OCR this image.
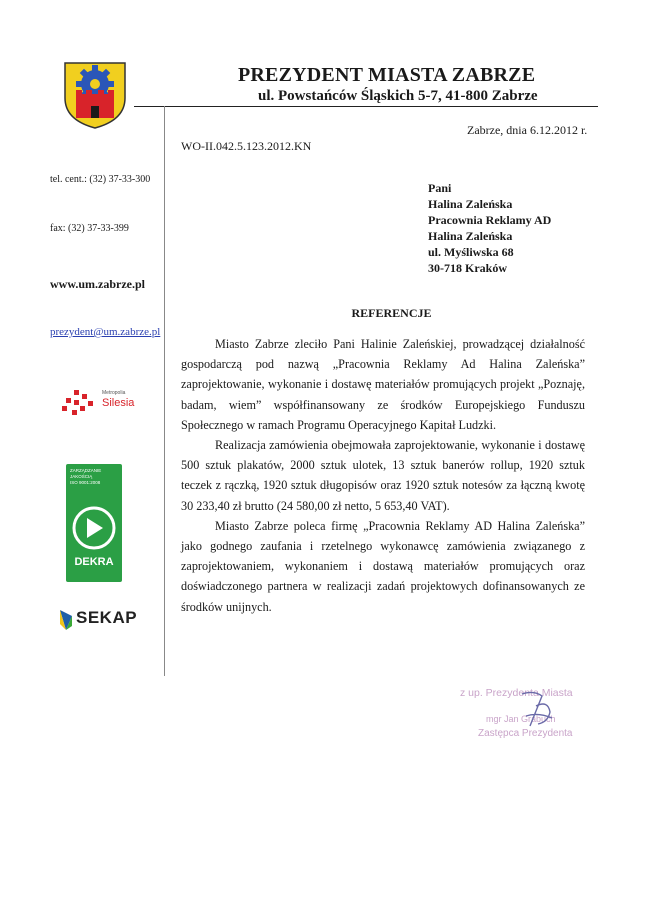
PREZYDENT MIASTA ZABRZE
ul. Powstańców Śląskich 5-7, 41-800 Zabrze
tel. cent.: (32) 37-33-300
fax: (32) 37-33-399
www.um.zabrze.pl
prezydent@um.zabrze.pl
Metropolia
Silesia
ZARZĄDZANIE
JAKOŚCIĄ
ISO 9001:2008
DEKRA
SEKAP
Zabrze, dnia 6.12.2012 r.
WO-II.042.5.123.2012.KN
Pani
Halina Zaleńska
Pracownia Reklamy AD
Halina Zaleńska
ul. Myśliwska 68
30-718 Kraków
REFERENCJE

Miasto Zabrze zleciło Pani Halinie Zaleńskiej, prowadzącej działalność gospodarczą pod nazwą „Pracownia Reklamy Ad Halina Zaleńska” zaprojektowanie, wykonanie i dostawę materiałów promujących projekt „Poznaję, badam, wiem” współfinansowany ze środków Europejskiego Funduszu Społecznego w ramach Programu Operacyjnego Kapitał Ludzki.

Realizacja zamówienia obejmowała zaprojektowanie, wykonanie i dostawę 500 sztuk plakatów, 2000 sztuk ulotek, 13 sztuk banerów rollup, 1920 sztuk teczek z rączką, 1920 sztuk długopisów oraz 1920 sztuk notesów za łączną kwotę 30 233,40 zł brutto (24 580,00 zł netto, 5 653,40 VAT).

Miasto Zabrze poleca firmę „Pracownia Reklamy AD Halina Zaleńska” jako godnego zaufania i rzetelnego wykonawcę zamówienia związanego z zaprojektowaniem, wykonaniem i dostawą materiałów promujących oraz doświadczonego partnera w realizacji zadań projektowych dofinansowanych ze środków unijnych.

z up. Prezydenta Miasta
mgr Jan Grabuch
Zastępca Prezydenta
